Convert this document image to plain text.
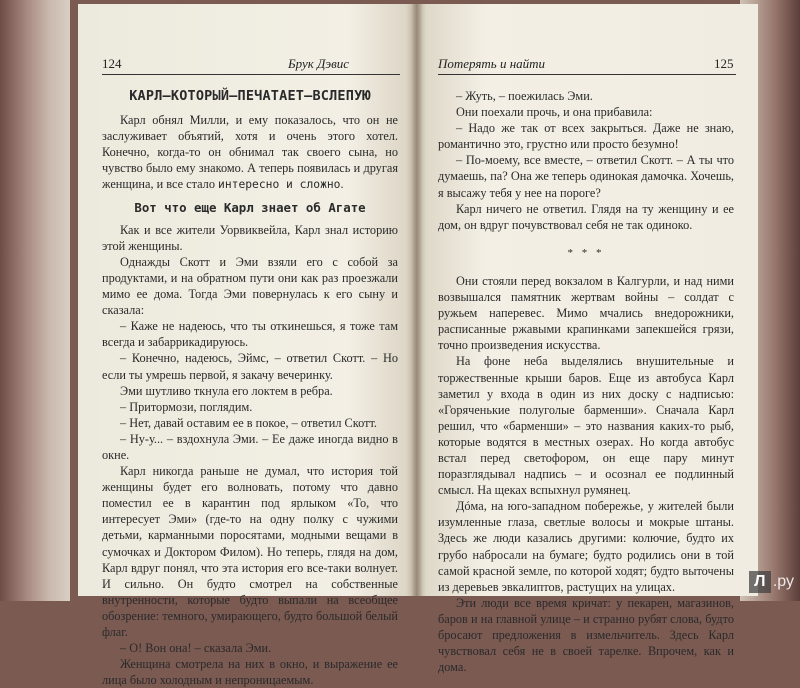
124	Брук Дэвис
КАРЛ—КОТОРЫЙ—ПЕЧАТАЕТ—ВСЛЕПУЮ

Карл обнял Милли, и ему показалось, что он не заслуживает объятий, хотя и очень этого хотел. Конечно, когда-то он обнимал так своего сына, но чувство было ему знакомо. А теперь появилась и другая женщина, и все стало интересно и сложно.

Вот что еще Карл знает об Агате

Как и все жители Уорвиквейла, Карл знал историю этой женщины.

Однажды Скотт и Эми взяли его с собой за продуктами, и на обратном пути они как раз проезжали мимо ее дома. Тогда Эми повернулась к его сыну и сказала:

– Каже не надеюсь, что ты откинешься, я тоже там всегда и забаррикадируюсь.

– Конечно, надеюсь, Эймс, – ответил Скотт. – Но если ты умрешь первой, я закачу вечеринку.

Эми шутливо ткнула его локтем в ребра.

– Притормози, поглядим.

– Нет, давай оставим ее в покое, – ответил Скотт.

– Ну-у... – вздохнула Эми. – Ее даже иногда видно в окне.

Карл никогда раньше не думал, что история той женщины будет его волновать, потому что давно поместил ее в карантин под ярлыком «То, что интересует Эми» (где-то на одну полку с чужими детьми, карманными поросятами, модными вещами в сумочках и Доктором Филом). Но теперь, глядя на дом, Карл вдруг понял, что эта история его все-таки волнует. И сильно. Он будто смотрел на собственные внутренности, которые будто выпали на всеобщее обозрение: темного, умирающего, будто большой белый флаг.

– О! Вон она! – сказала Эми.

Женщина смотрела на них в окно, и выражение ее лица было холодным и непроницаемым.

Потерять и найти	125

– Жуть, – поежилась Эми.

Они поехали прочь, и она прибавила:

– Надо же так от всех закрыться. Даже не знаю, романтично это, грустно или просто безумно!

– По-моему, все вместе, – ответил Скотт. – А ты что думаешь, па? Она же теперь одинокая дамочка. Хочешь, я высажу тебя у нее на пороге?

Карл ничего не ответил. Глядя на ту женщину и ее дом, он вдруг почувствовал себя не так одиноко.

* * *

Они стояли перед вокзалом в Калгурли, и над ними возвышался памятник жертвам войны – солдат с ружьем наперевес. Мимо мчались внедорожники, расписанные ржавыми крапинками запекшейся грязи, точно произведения искусства.

На фоне неба выделялись внушительные и торжественные крыши баров. Еще из автобуса Карл заметил у входа в один из них доску с надписью: «Горяченькие полуголые барменши». Сначала Карл решил, что «барменши» – это названия каких-то рыб, которые водятся в местных озерах. Но когда автобус встал перед светофором, он еще пару минут поразглядывал надпись – и осознал ее подлинный смысл. На щеках вспыхнул румянец.

Дóма, на юго-западном побережье, у жителей были изумленные глаза, светлые волосы и мокрые штаны. Здесь же люди казались другими: колючие, будто их грубо набросали на бумаге; будто родились они в той самой красной земле, по которой ходят; будто выточены из деревьев эвкалиптов, растущих на улицах.

Эти люди все время кричат: у пекарен, магазинов, баров и на главной улице – и странно рубят слова, будто бросают предложения в измельчитель. Здесь Карл чувствовал себя не в своей тарелке. Впрочем, как и дома.

Л .ру
